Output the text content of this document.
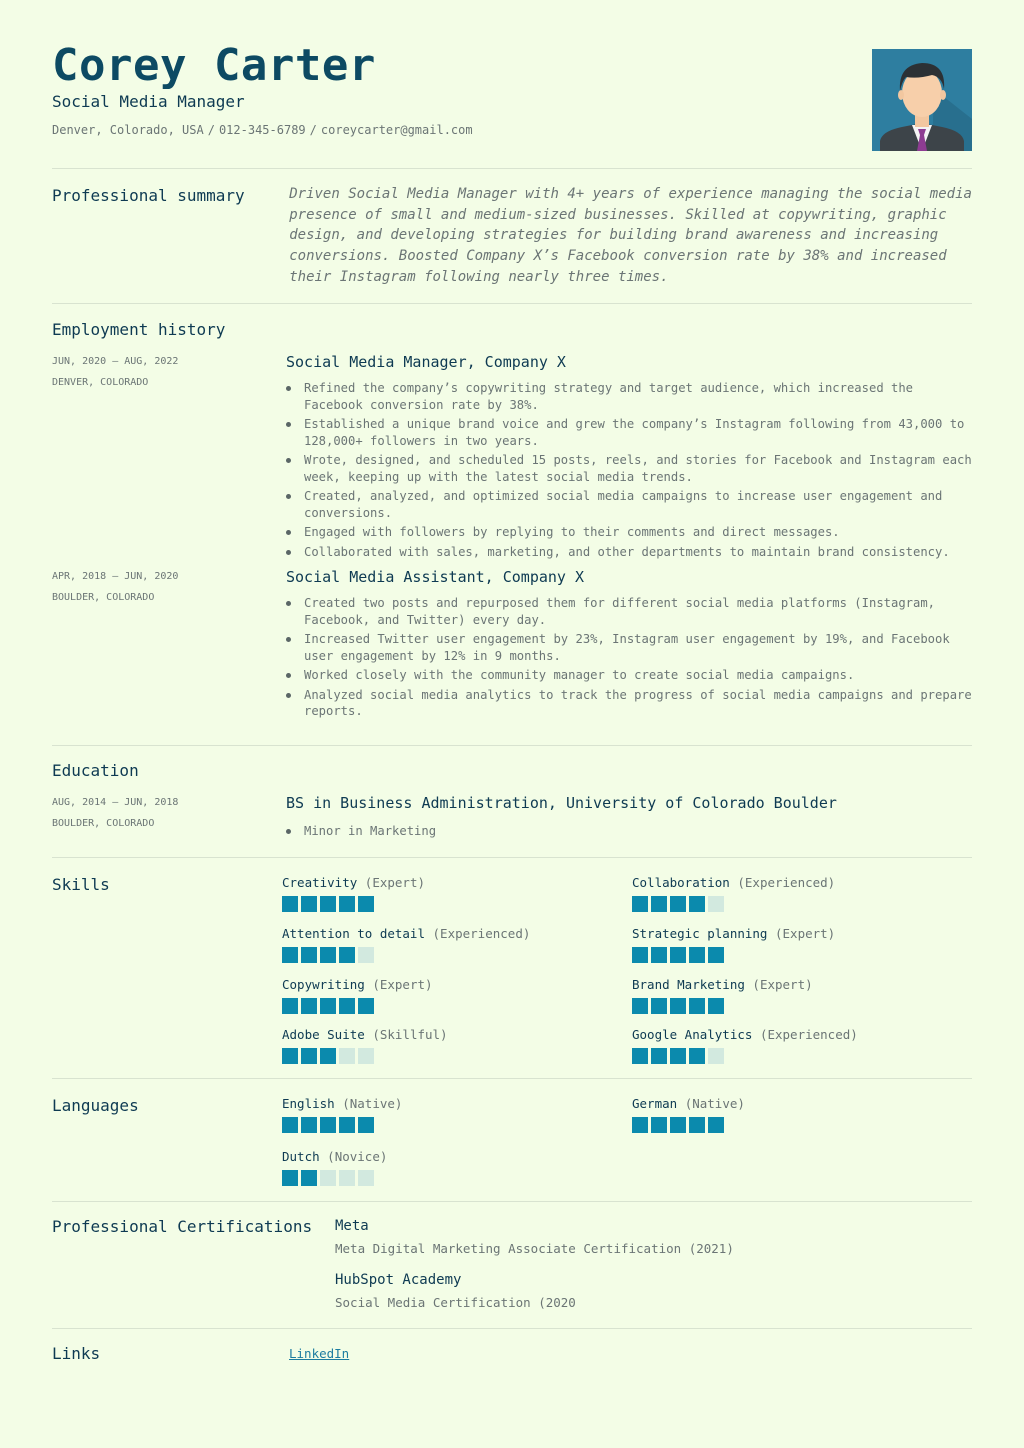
Corey Carter
Social Media Manager
Denver, Colorado, USA / 012-345-6789 / coreycarter@gmail.com
Professional summary	Driven Social Media Manager with 4+ years of experience managing the social media presence of small and medium-sized businesses. Skilled at copywriting, graphic design, and developing strategies for building brand awareness and increasing conversions. Boosted Company X’s Facebook conversion rate by 38% and increased their Instagram following nearly three times.
Employment history
JUN, 2020 – AUG, 2022
DENVER, COLORADO
Social Media Manager, Company X
Refined the company’s copywriting strategy and target audience, which increased the Facebook conversion rate by 38%.
Established a unique brand voice and grew the company’s Instagram following from 43,000 to 128,000+ followers in two years.
Wrote, designed, and scheduled 15 posts, reels, and stories for Facebook and Instagram each week, keeping up with the latest social media trends.
Created, analyzed, and optimized social media campaigns to increase user engagement and conversions.
Engaged with followers by replying to their comments and direct messages.
Collaborated with sales, marketing, and other departments to maintain brand consistency.
APR, 2018 – JUN, 2020
BOULDER, COLORADO
Social Media Assistant, Company X
Created two posts and repurposed them for different social media platforms (Instagram, Facebook, and Twitter) every day.
Increased Twitter user engagement by 23%, Instagram user engagement by 19%, and Facebook user engagement by 12% in 9 months.
Worked closely with the community manager to create social media campaigns.
Analyzed social media analytics to track the progress of social media campaigns and prepare reports.
Education
AUG, 2014 – JUN, 2018
BOULDER, COLORADO
BS in Business Administration, University of Colorado Boulder
Minor in Marketing
Skills	Creativity (Expert)	Collaboration (Experienced)
Attention to detail (Experienced)	Strategic planning (Expert)
Copywriting (Expert)	Brand Marketing (Expert)
Adobe Suite (Skillful)	Google Analytics (Experienced)
Languages	English (Native)	German (Native)
Dutch (Novice)
Professional Certifications	Meta
Meta Digital Marketing Associate Certification (2021)
HubSpot Academy
Social Media Certification (2020
Links	LinkedIn
